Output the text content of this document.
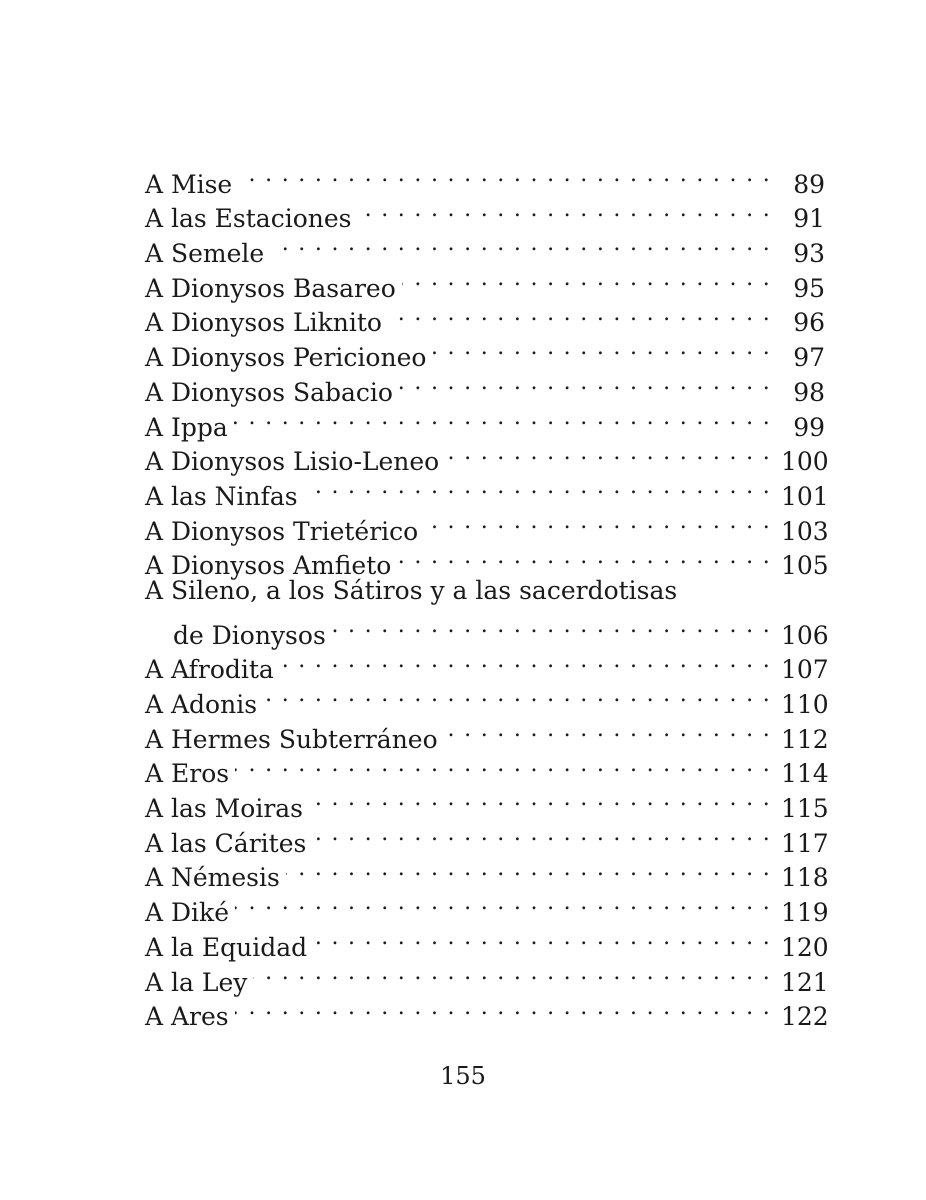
A Mise . . .	89
A las Estaciones . . .	91
A Semele . . .	93
A Dionysos Basareo . . .	95
A Dionysos Liknito . . .	96
A Dionysos Pericioneo . . .	97
A Dionysos Sabacio . . .	98
A Ippa . . .	99
A Dionysos Lisio-Leneo . . .	100
A las Ninfas . . .	101
A Dionysos Trietérico . . .	103
A Dionysos Amfieto . . .	105
A Sileno, a los Sátiros y a las sacerdotisas
de Dionysos . . .	106
A Afrodita . . .	107
A Adonis . . .	110
A Hermes Subterráneo . . .	112
A Eros . . .	114
A las Moiras . . .	115
A las Cárites . . .	117
A Némesis . . .	118
A Diké . . .	119
A la Equidad . . .	120
A la Ley . . .	121
A Ares . . .	122
155
